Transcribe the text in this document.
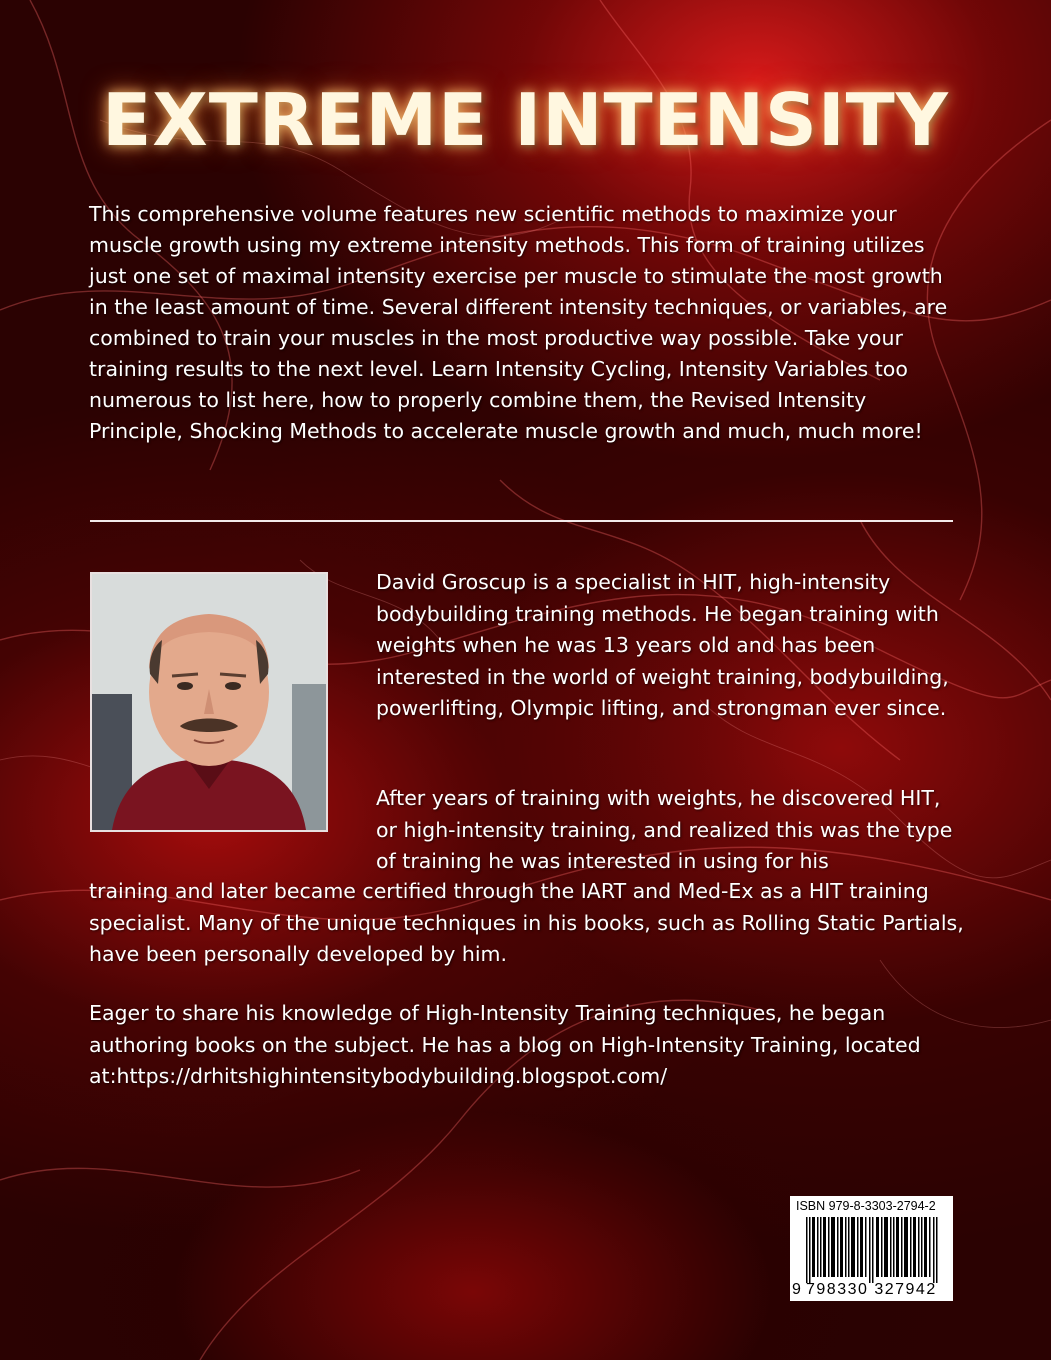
EXTREME INTENSITY
This comprehensive volume features new scientific methods to maximize your muscle growth using my extreme intensity methods. This form of training utilizes just one set of maximal intensity exercise per muscle to stimulate the most growth in the least amount of time. Several different intensity techniques, or variables, are combined to train your muscles in the most productive way possible. Take your training results to the next level. Learn Intensity Cycling, Intensity Variables too numerous to list here, how to properly combine them, the Revised Intensity Principle, Shocking Methods to accelerate muscle growth and much, much more!
David Groscup is a specialist in HIT, high-intensity bodybuilding training methods. He began training with weights when he was 13 years old and has been interested in the world of weight training, bodybuilding, powerlifting, Olympic lifting, and strongman ever since.
After years of training with weights, he discovered HIT, or high-intensity training, and realized this was the type of training he was interested in using for his
training and later became certified through the IART and Med-Ex as a HIT training specialist. Many of the unique techniques in his books, such as Rolling Static Partials, have been personally developed by him.
Eager to share his knowledge of High-Intensity Training techniques, he began authoring books on the subject. He has a blog on High-Intensity Training, located at:https://drhitshighintensitybodybuilding.blogspot.com/
ISBN 979-8-3303-2794-2
9 798330 327942
